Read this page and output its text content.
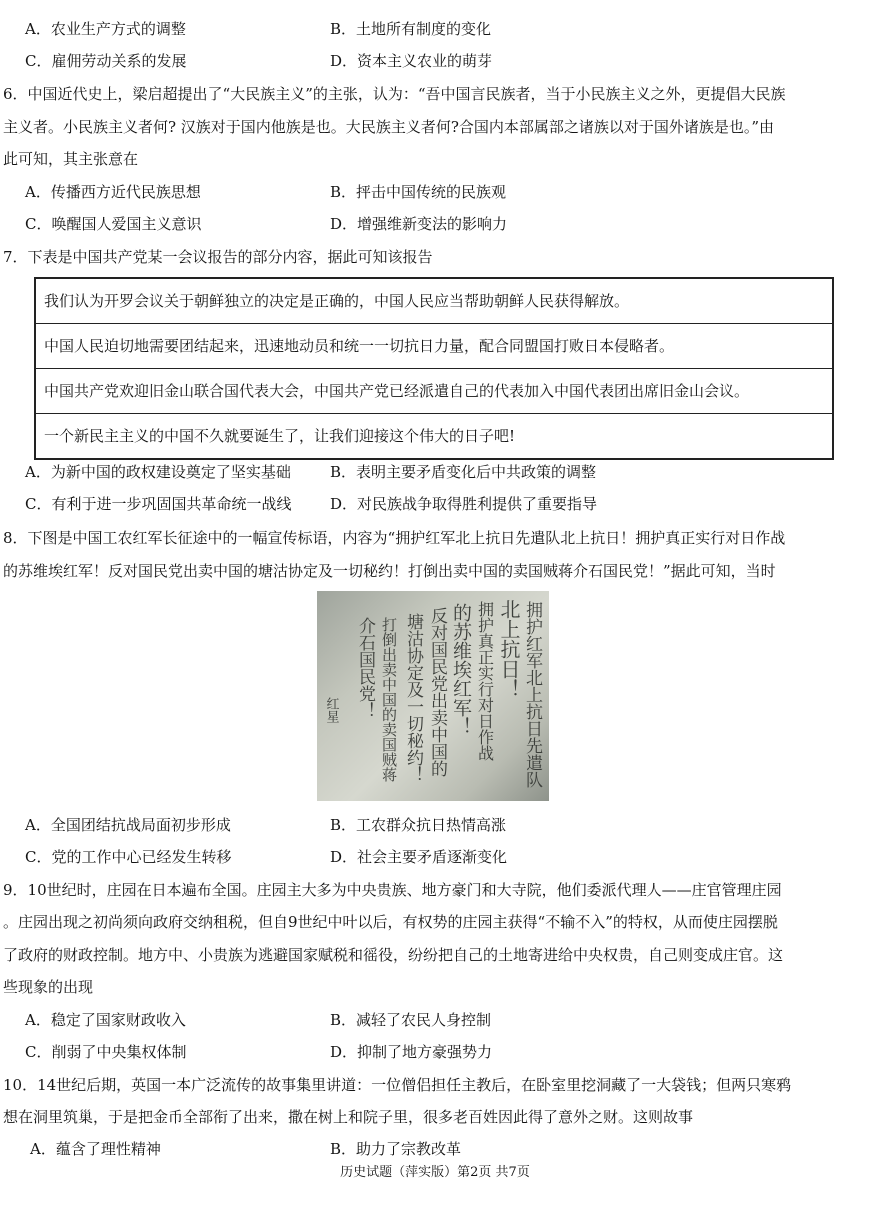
A．农业生产方式的调整	B．土地所有制度的变化
C．雇佣劳动关系的发展	D．资本主义农业的萌芽
6．中国近代史上，梁启超提出了“大民族主义”的主张，认为：“吾中国言民族者，当于小民族主义之外，更提倡大民族
主义者。小民族主义者何? 汉族对于国内他族是也。大民族主义者何?合国内本部属部之诸族以对于国外诸族是也。”由
此可知，其主张意在
A．传播西方近代民族思想	B．抨击中国传统的民族观
C．唤醒国人爱国主义意识	D．增强维新变法的影响力
7．下表是中国共产党某一会议报告的部分内容，据此可知该报告
我们认为开罗会议关于朝鲜独立的决定是正确的，中国人民应当帮助朝鲜人民获得解放。
中国人民迫切地需要团结起来，迅速地动员和统一一切抗日力量，配合同盟国打败日本侵略者。
中国共产党欢迎旧金山联合国代表大会，中国共产党已经派遣自己的代表加入中国代表团出席旧金山会议。
一个新民主主义的中国不久就要诞生了，让我们迎接这个伟大的日子吧!
A．为新中国的政权建设奠定了坚实基础	B．表明主要矛盾变化后中共政策的调整
C．有利于进一步巩固国共革命统一战线	D．对民族战争取得胜利提供了重要指导
8．下图是中国工农红军长征途中的一幅宣传标语，内容为“拥护红军北上抗日先遣队北上抗日！拥护真正实行对日作战
的苏维埃红军！反对国民党出卖中国的塘沽协定及一切秘约！打倒出卖中国的卖国贼蒋介石国民党！”据此可知，当时
拥护红军北上抗日先遣队
北上抗日！
拥护真正实行对日作战
的苏维埃红军！
反对国民党出卖中国的
塘沽协定及一切秘约！
打倒出卖中国的卖国贼蒋
介石国民党！
红星
A．全国团结抗战局面初步形成	B．工农群众抗日热情高涨
C．党的工作中心已经发生转移	D．社会主要矛盾逐渐变化
9．10世纪时，庄园在日本遍布全国。庄园主大多为中央贵族、地方豪门和大寺院，他们委派代理人——庄官管理庄园
。庄园出现之初尚须向政府交纳租税，但自9世纪中叶以后，有权势的庄园主获得“不输不入”的特权，从而使庄园摆脱
了政府的财政控制。地方中、小贵族为逃避国家赋税和徭役，纷纷把自己的土地寄进给中央权贵，自己则变成庄官。这
些现象的出现
A．稳定了国家财政收入	B．减轻了农民人身控制
C．削弱了中央集权体制	D．抑制了地方豪强势力
10．14世纪后期，英国一本广泛流传的故事集里讲道：一位僧侣担任主教后，在卧室里挖洞藏了一大袋钱；但两只寒鸦
想在洞里筑巢，于是把金币全部衔了出来，撒在树上和院子里，很多老百姓因此得了意外之财。这则故事
A．蕴含了理性精神	B．助力了宗教改革
历史试题（萍实版）第2页 共7页
